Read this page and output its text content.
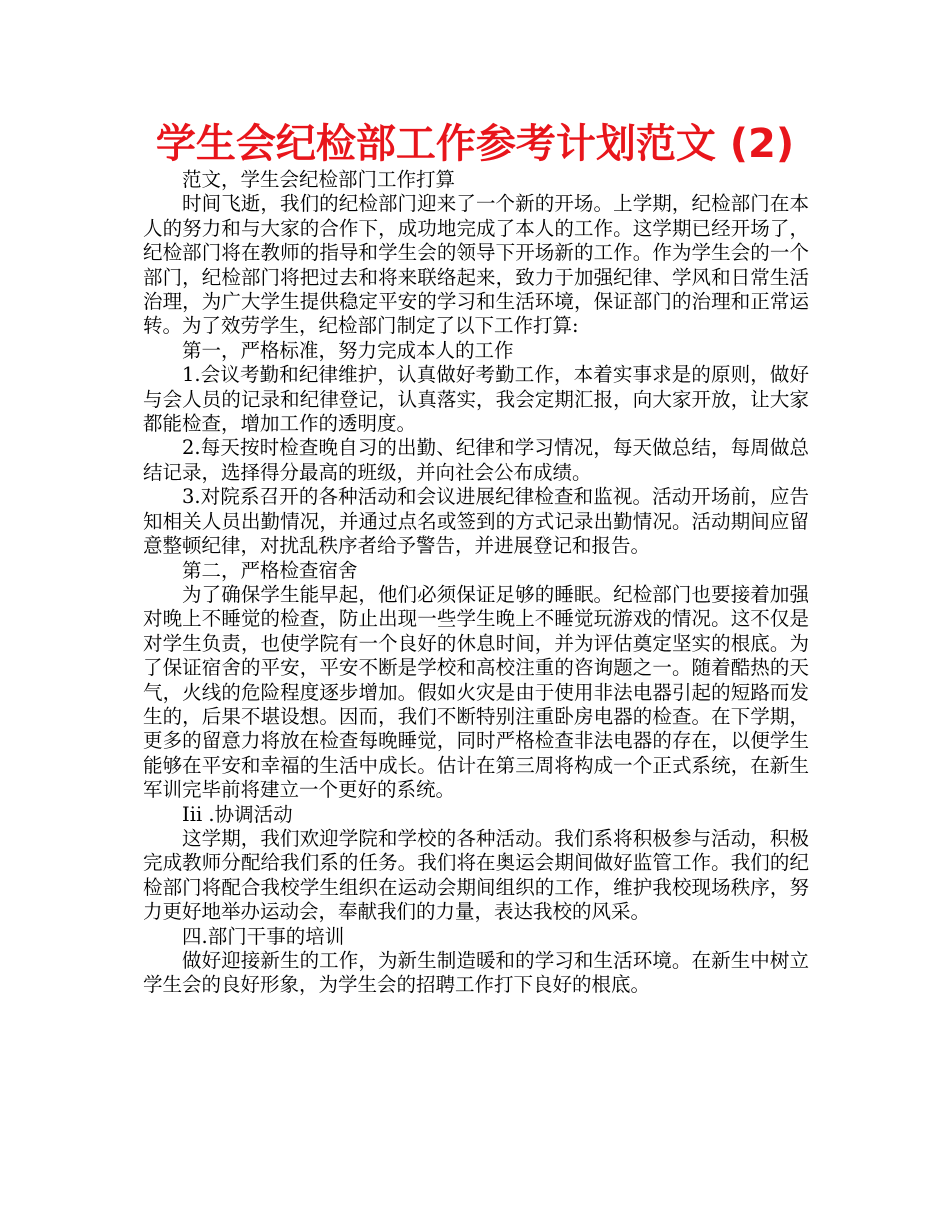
学生会纪检部工作参考计划范文 (2)

范文，学生会纪检部门工作打算

时间飞逝，我们的纪检部门迎来了一个新的开场。上学期，纪检部门在本人的努力和与大家的合作下，成功地完成了本人的工作。这学期已经开场了，纪检部门将在教师的指导和学生会的领导下开场新的工作。作为学生会的一个部门，纪检部门将把过去和将来联络起来，致力于加强纪律、学风和日常生活治理，为广大学生提供稳定平安的学习和生活环境，保证部门的治理和正常运转。为了效劳学生，纪检部门制定了以下工作打算:

第一，严格标准，努力完成本人的工作

1.会议考勤和纪律维护，认真做好考勤工作，本着实事求是的原则，做好与会人员的记录和纪律登记，认真落实，我会定期汇报，向大家开放，让大家都能检查，增加工作的透明度。

2.每天按时检查晚自习的出勤、纪律和学习情况，每天做总结，每周做总结记录，选择得分最高的班级，并向社会公布成绩。

3.对院系召开的各种活动和会议进展纪律检查和监视。活动开场前，应告知相关人员出勤情况，并通过点名或签到的方式记录出勤情况。活动期间应留意整顿纪律，对扰乱秩序者给予警告，并进展登记和报告。

第二，严格检查宿舍

为了确保学生能早起，他们必须保证足够的睡眠。纪检部门也要接着加强对晚上不睡觉的检查，防止出现一些学生晚上不睡觉玩游戏的情况。这不仅是对学生负责，也使学院有一个良好的休息时间，并为评估奠定坚实的根底。为了保证宿舍的平安，平安不断是学校和高校注重的咨询题之一。随着酷热的天气，火线的危险程度逐步增加。假如火灾是由于使用非法电器引起的短路而发生的，后果不堪设想。因而，我们不断特别注重卧房电器的检查。在下学期，更多的留意力将放在检查每晚睡觉，同时严格检查非法电器的存在，以便学生能够在平安和幸福的生活中成长。估计在第三周将构成一个正式系统，在新生军训完毕前将建立一个更好的系统。

Iii .协调活动

这学期，我们欢迎学院和学校的各种活动。我们系将积极参与活动，积极完成教师分配给我们系的任务。我们将在奥运会期间做好监管工作。我们的纪检部门将配合我校学生组织在运动会期间组织的工作，维护我校现场秩序，努力更好地举办运动会，奉献我们的力量，表达我校的风采。

四.部门干事的培训

做好迎接新生的工作，为新生制造暖和的学习和生活环境。在新生中树立学生会的良好形象，为学生会的招聘工作打下良好的根底。
